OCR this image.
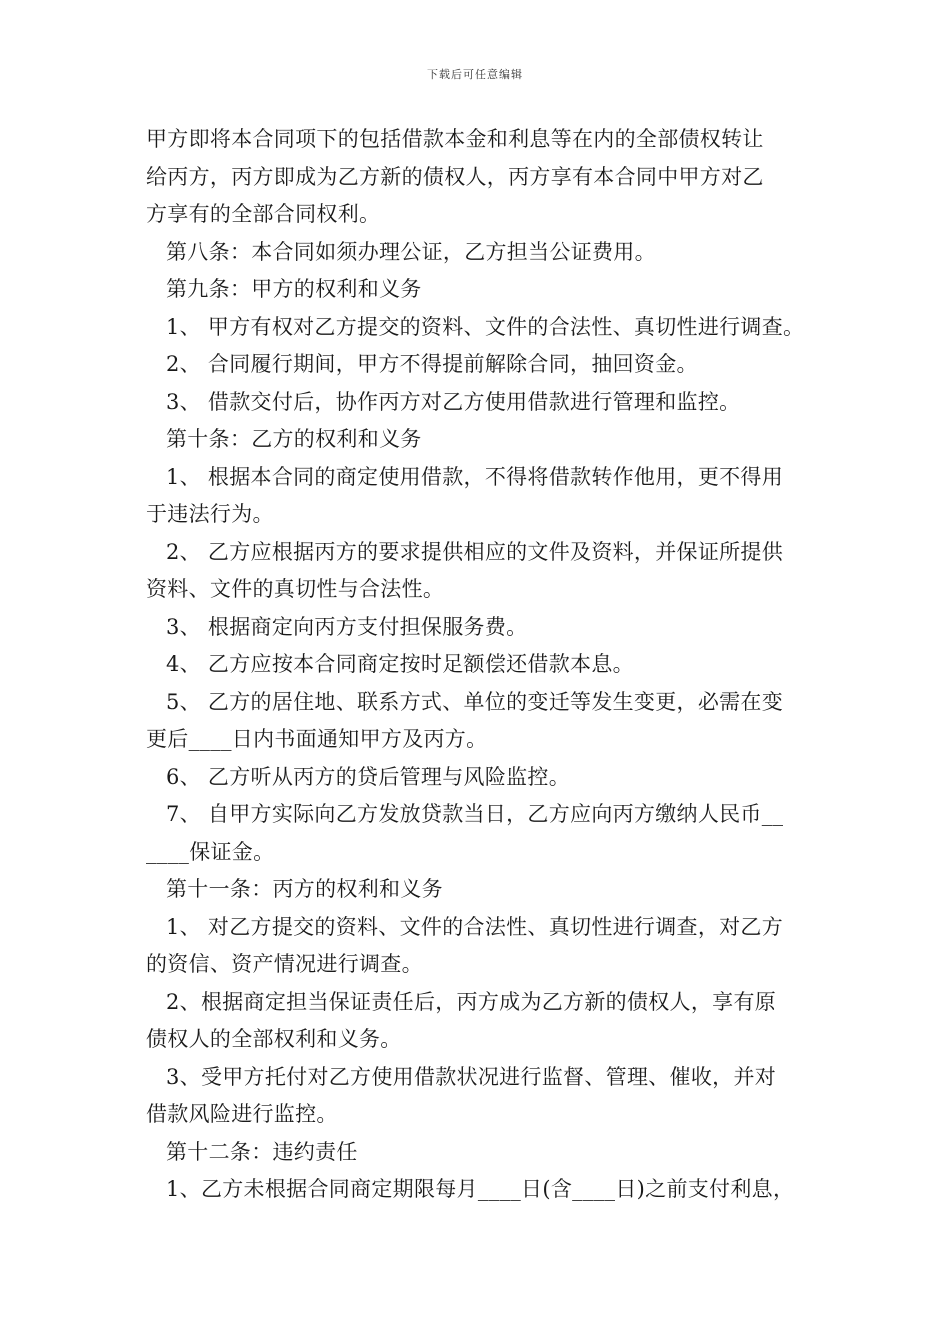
下载后可任意编辑
甲方即将本合同项下的包括借款本金和利息等在内的全部债权转让
给丙方，丙方即成为乙方新的债权人，丙方享有本合同中甲方对乙
方享有的全部合同权利。
第八条：本合同如须办理公证，乙方担当公证费用。
第九条：甲方的权利和义务
1、 甲方有权对乙方提交的资料、文件的合法性、真切性进行调查。
2、 合同履行期间，甲方不得提前解除合同，抽回资金。
3、 借款交付后，协作丙方对乙方使用借款进行管理和监控。
第十条：乙方的权利和义务
1、 根据本合同的商定使用借款，不得将借款转作他用，更不得用
于违法行为。
2、 乙方应根据丙方的要求提供相应的文件及资料，并保证所提供
资料、文件的真切性与合法性。
3、 根据商定向丙方支付担保服务费。
4、 乙方应按本合同商定按时足额偿还借款本息。
5、 乙方的居住地、联系方式、单位的变迁等发生变更，必需在变
更后____日内书面通知甲方及丙方。
6、 乙方听从丙方的贷后管理与风险监控。
7、 自甲方实际向乙方发放贷款当日，乙方应向丙方缴纳人民币__
____保证金。
第十一条：丙方的权利和义务
1、 对乙方提交的资料、文件的合法性、真切性进行调查，对乙方
的资信、资产情况进行调查。
2、根据商定担当保证责任后，丙方成为乙方新的债权人，享有原
债权人的全部权利和义务。
3、受甲方托付对乙方使用借款状况进行监督、管理、催收，并对
借款风险进行监控。
第十二条：违约责任
1、乙方未根据合同商定期限每月____日(含____日)之前支付利息，
